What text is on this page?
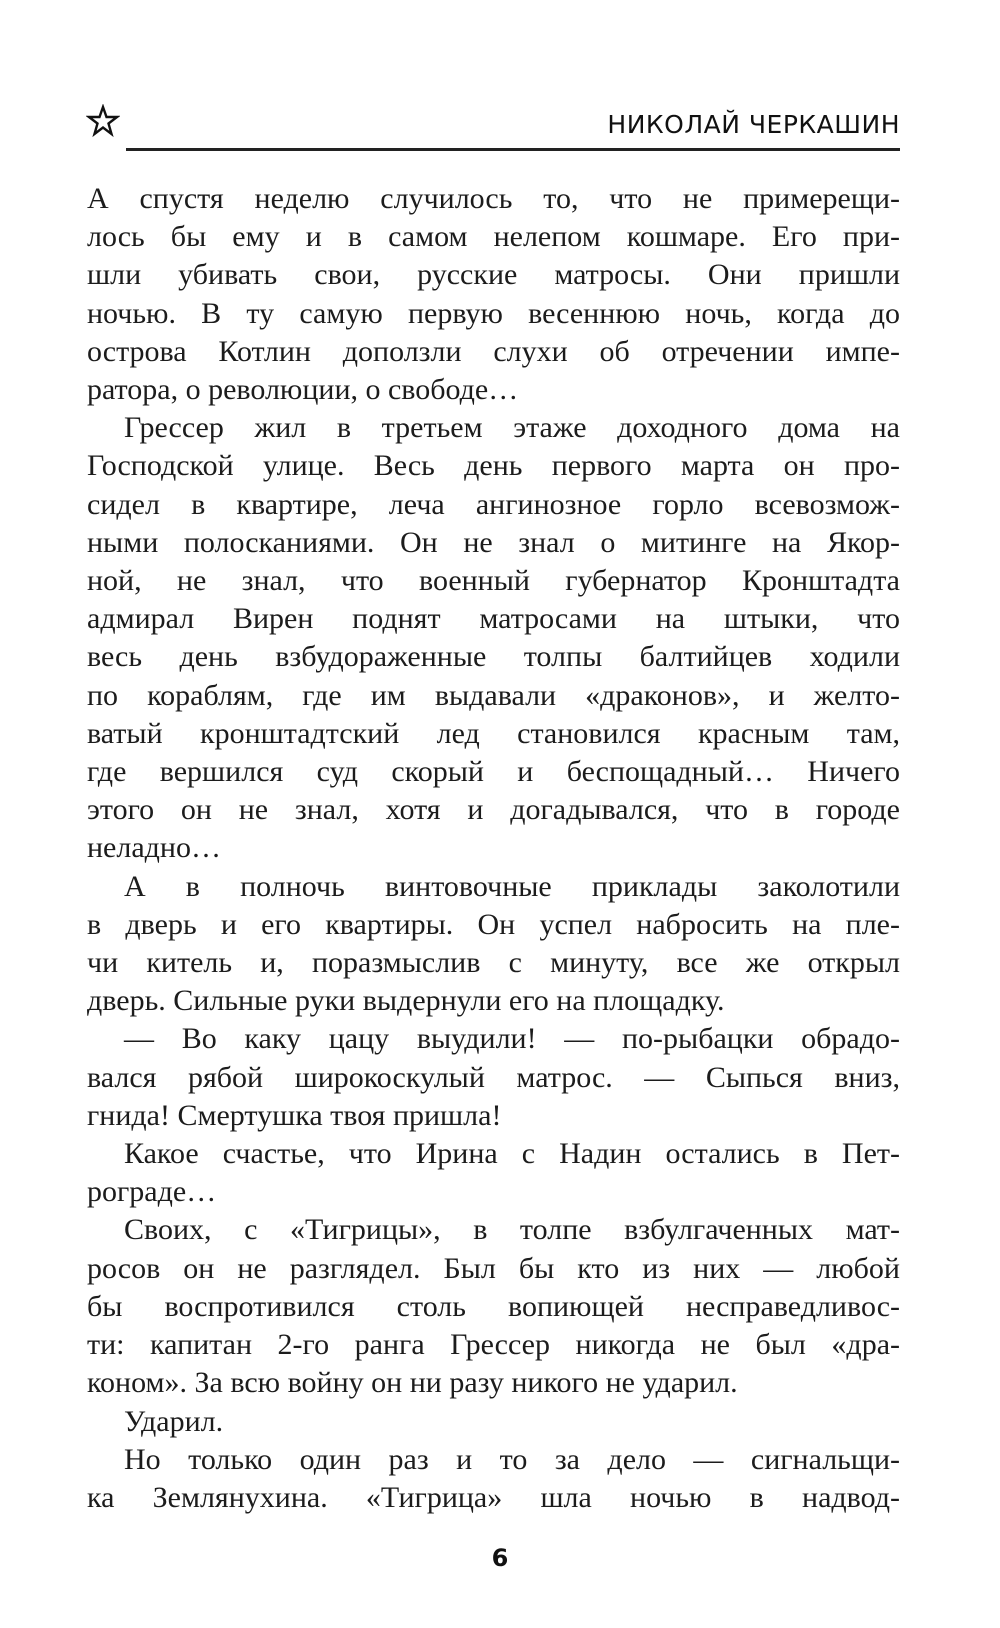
НИКОЛАЙ ЧЕРКАШИН
А спустя неделю случилось то, что не примерещи-
лось бы ему и в самом нелепом кошмаре. Его при-
шли убивать свои, русские матросы. Они пришли
ночью. В ту самую первую весеннюю ночь, когда до
острова Котлин доползли слухи об отречении импе-
ратора, о революции, о свободе…
Грессер жил в третьем этаже доходного дома на
Господской улице. Весь день первого марта он про-
сидел в квартире, леча ангинозное горло всевозмож-
ными полосканиями. Он не знал о митинге на Якор-
ной, не знал, что военный губернатор Кронштадта
адмирал Вирен поднят матросами на штыки, что
весь день взбудораженные толпы балтийцев ходили
по кораблям, где им выдавали «драконов», и желто-
ватый кронштадтский лед становился красным там,
где вершился суд скорый и беспощадный… Ничего
этого он не знал, хотя и догадывался, что в городе
неладно…
А в полночь винтовочные приклады заколотили
в дверь и его квартиры. Он успел набросить на пле-
чи китель и, поразмыслив с минуту, все же открыл
дверь. Сильные руки выдернули его на площадку.
— Во каку цацу выудили! — по-рыбацки обрадо-
вался рябой широкоскулый матрос. — Сыпься вниз,
гнида! Смертушка твоя пришла!
Какое счастье, что Ирина с Надин остались в Пет-
рограде…
Своих, с «Тигрицы», в толпе взбулгаченных мат-
росов он не разглядел. Был бы кто из них — любой
бы воспротивился столь вопиющей несправедливос-
ти: капитан 2-го ранга Грессер никогда не был «дра-
коном». За всю войну он ни разу никого не ударил.
Ударил.
Но только один раз и то за дело — сигнальщи-
ка Землянухина. «Тигрица» шла ночью в надвод-
6
